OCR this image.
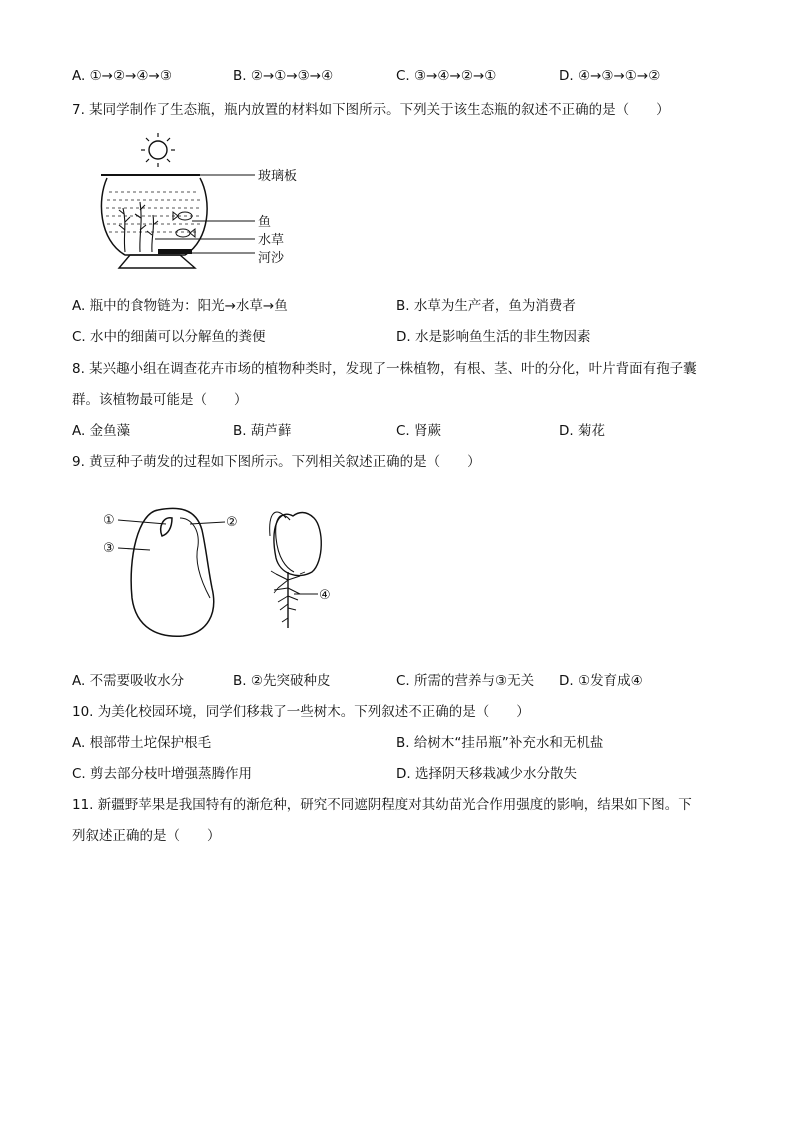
A. ①→②→④→③	B. ②→①→③→④	C. ③→④→②→①	D. ④→③→①→②
7. 某同学制作了生态瓶，瓶内放置的材料如下图所示。下列关于该生态瓶的叙述不正确的是（　　）
玻璃板
鱼
水草
河沙
A. 瓶中的食物链为：阳光→水草→鱼	B. 水草为生产者，鱼为消费者
C. 水中的细菌可以分解鱼的粪便	D. 水是影响鱼生活的非生物因素
8. 某兴趣小组在调查花卉市场的植物种类时，发现了一株植物，有根、茎、叶的分化，叶片背面有孢子囊
群。该植物最可能是（　　）
A. 金鱼藻	B. 葫芦藓	C. 肾蕨	D. 菊花
9. 黄豆种子萌发的过程如下图所示。下列相关叙述正确的是（　　）
①
③
②
④
A. 不需要吸收水分	B. ②先突破种皮	C. 所需的营养与③无关 D. ①发育成④
10. 为美化校园环境，同学们移栽了一些树木。下列叙述不正确的是（　　）
A. 根部带土坨保护根毛	B. 给树木“挂吊瓶”补充水和无机盐
C. 剪去部分枝叶增强蒸腾作用	D. 选择阴天移栽减少水分散失
11. 新疆野苹果是我国特有的渐危种，研究不同遮阴程度对其幼苗光合作用强度的影响，结果如下图。下
列叙述正确的是（　　）
